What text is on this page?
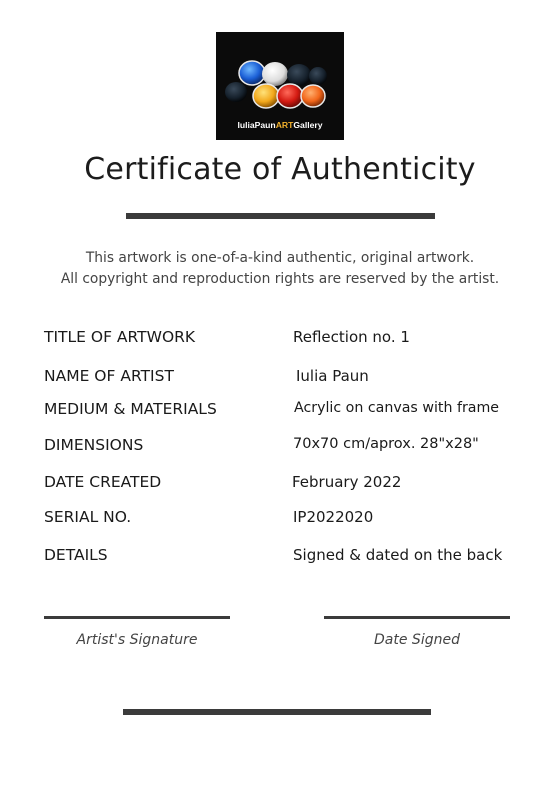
IuliaPaunARTGallery
Certificate of Authenticity
This artwork is one-of-a-kind authentic, original artwork.
All copyright and reproduction rights are reserved by the artist.
TITLE OF ARTWORK	Reflection no. 1
NAME OF ARTIST	Iulia Paun
MEDIUM & MATERIALS	Acrylic on canvas with frame
DIMENSIONS	70x70 cm/aprox. 28"x28"
DATE CREATED	February 2022
SERIAL NO.	IP2022020
DETAILS	Signed & dated on the back
Artist's Signature	Date Signed
